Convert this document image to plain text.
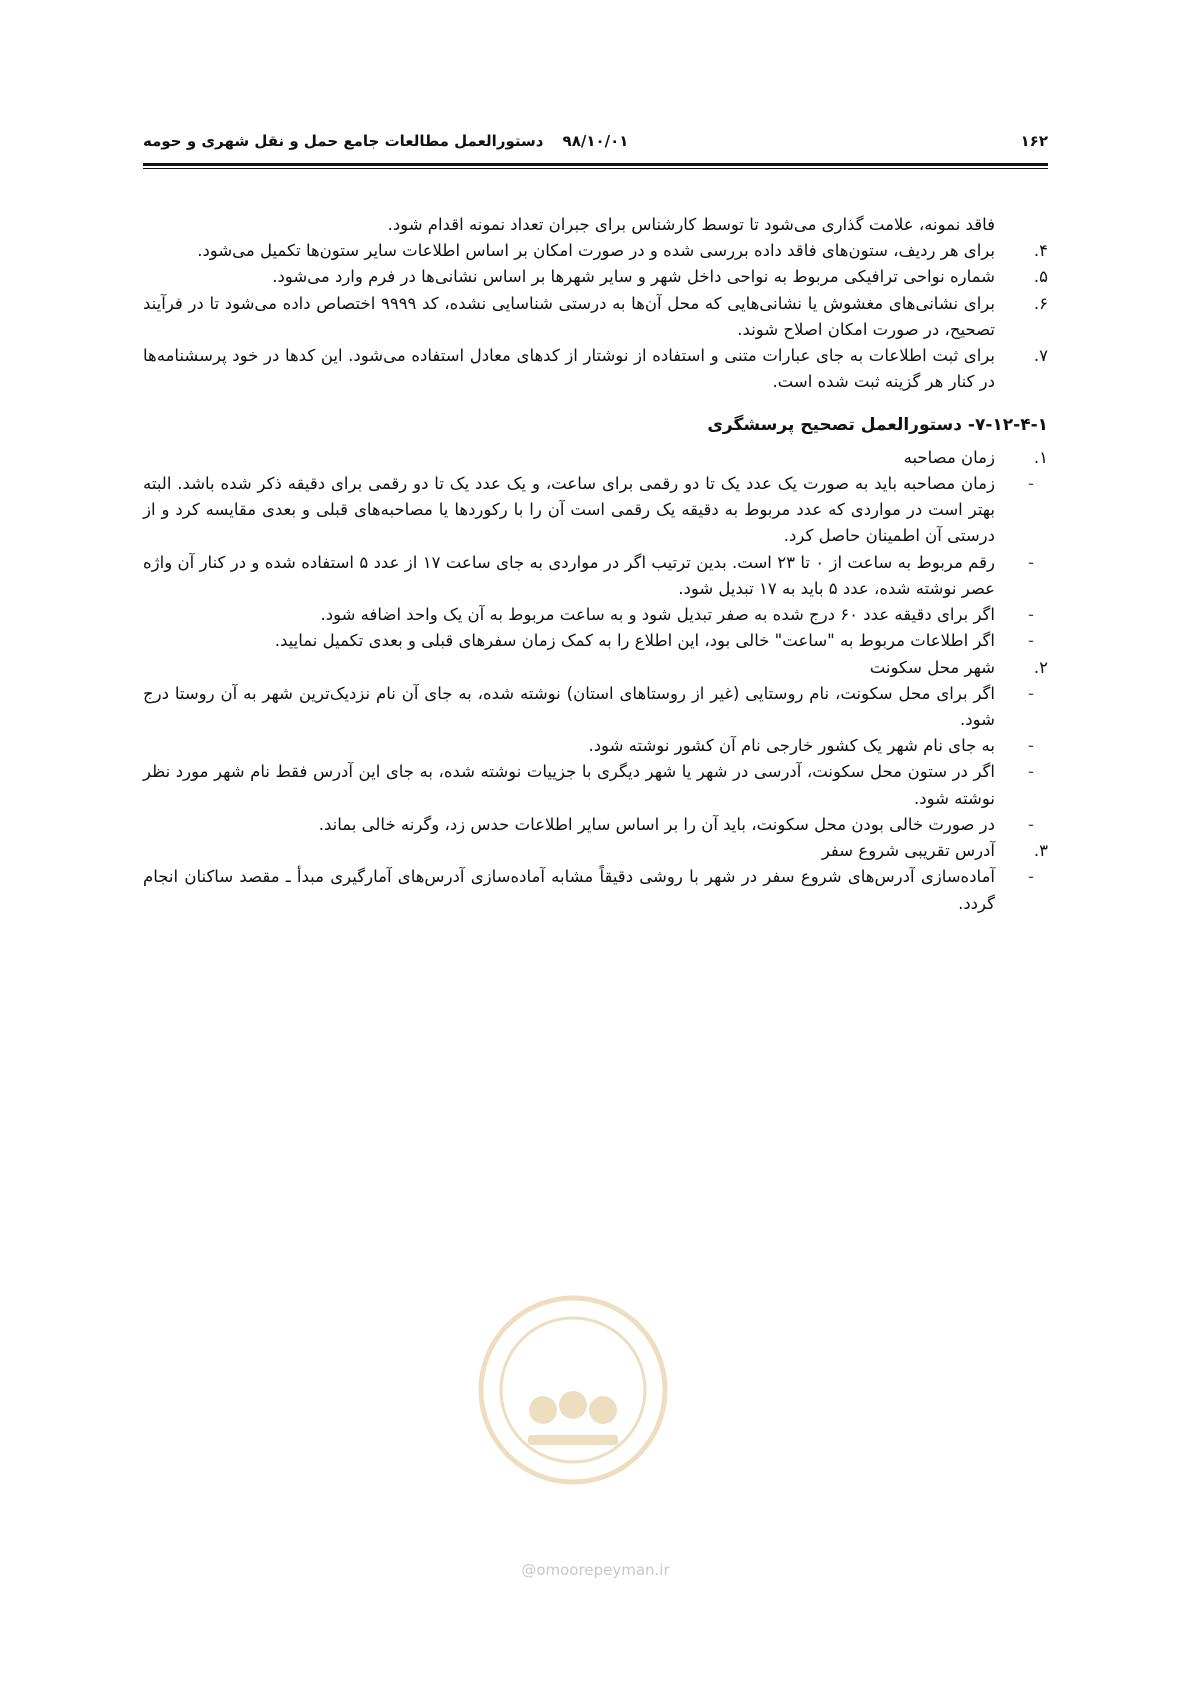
۱۶۲
۹۸/۱۰/۰۱
دستورالعمل مطالعات جامع حمل و نقل شهری و حومه
فاقد نمونه، علامت گذاری می‌شود تا توسط کارشناس برای جبران تعداد نمونه اقدام شود.
۴.
برای هر ردیف، ستون‌های فاقد داده بررسی شده و در صورت امکان بر اساس اطلاعات سایر ستون‌ها تکمیل می‌شود.
۵.
شماره نواحی ترافیکی مربوط به نواحی داخل شهر و سایر شهرها بر اساس نشانی‌ها در فرم وارد می‌شود.
۶.
برای نشانی‌های مغشوش یا نشانی‌هایی که محل آن‌ها به درستی شناسایی نشده، کد ۹۹۹۹ اختصاص داده می‌شود تا در فرآیند تصحیح، در صورت امکان اصلاح شوند.
۷.
برای ثبت اطلاعات به جای عبارات متنی و استفاده از نوشتار از کدهای معادل استفاده می‌شود. این کدها در خود پرسشنامه‌ها در کنار هر گزینه ثبت شده است.
۷-۱۲-۴-۱- دستورالعمل تصحیح پرسشگری
۱.
زمان مصاحبه
-
زمان مصاحبه باید به صورت یک عدد یک تا دو رقمی برای ساعت، و یک عدد یک تا دو رقمی برای دقیقه ذکر شده باشد. البته بهتر است در مواردی که عدد مربوط به دقیقه یک رقمی است آن را با رکوردها یا مصاحبه‌های قبلی و بعدی مقایسه کرد و از درستی آن اطمینان حاصل کرد.
-
رقم مربوط به ساعت از ۰ تا ۲۳ است. بدین ترتیب اگر در مواردی به جای ساعت ۱۷ از عدد ۵ استفاده شده و در کنار آن واژه عصر نوشته شده، عدد ۵ باید به ۱۷ تبدیل شود.
-
اگر برای دقیقه عدد ۶۰ درج شده به صفر تبدیل شود و به ساعت مربوط به آن یک واحد اضافه شود.
-
اگر اطلاعات مربوط به "ساعت" خالی بود، این اطلاع را به کمک زمان سفرهای قبلی و بعدی تکمیل نمایید.
۲.
شهر محل سکونت
-
اگر برای محل سکونت، نام روستایی (غیر از روستاهای استان) نوشته شده، به جای آن نام نزدیک‌ترین شهر به آن روستا درج شود.
-
به جای نام شهر یک کشور خارجی نام آن کشور نوشته شود.
-
اگر در ستون محل سکونت، آدرسی در شهر یا شهر دیگری با جزییات نوشته شده، به جای این آدرس فقط نام شهر مورد نظر نوشته شود.
-
در صورت خالی بودن محل سکونت، باید آن را بر اساس سایر اطلاعات حدس زد، وگرنه خالی بماند.
۳.
آدرس تقریبی شروع سفر
-
آماده‌سازی آدرس‌های شروع سفر در شهر با روشی دقیقاً مشابه آماده‌سازی آدرس‌های آمارگیری مبدأ ـ مقصد ساکنان انجام گردد.
@omoorepeyman.ir
